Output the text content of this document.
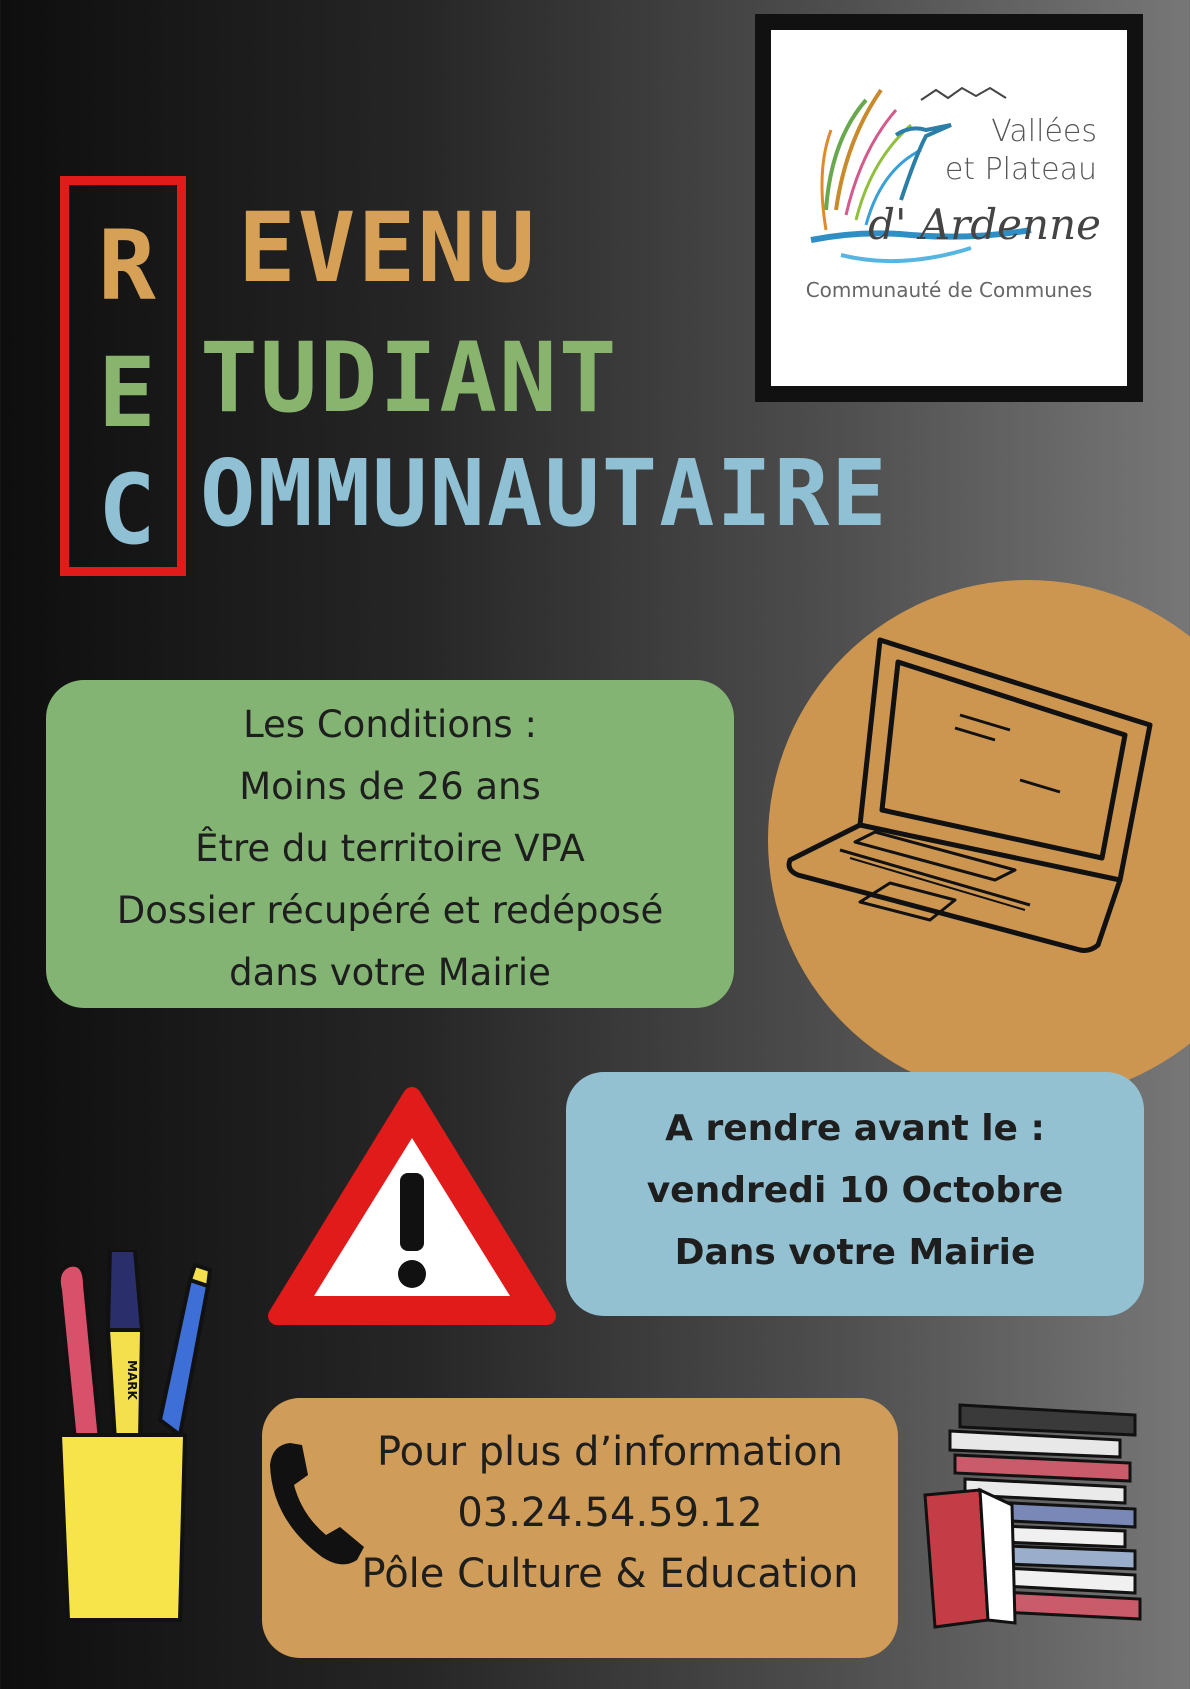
Vallées
et Plateau
d' Ardenne
Communauté de Communes
R EVENU
E TUDIANT
C OMMUNAUTAIRE
Les Conditions :
Moins de 26 ans
Être du territoire VPA
Dossier récupéré et redéposé
dans votre Mairie
A rendre avant le :
vendredi 10 Octobre
Dans votre Mairie
MARK
Pour plus d’information
03.24.54.59.12
Pôle Culture & Education
